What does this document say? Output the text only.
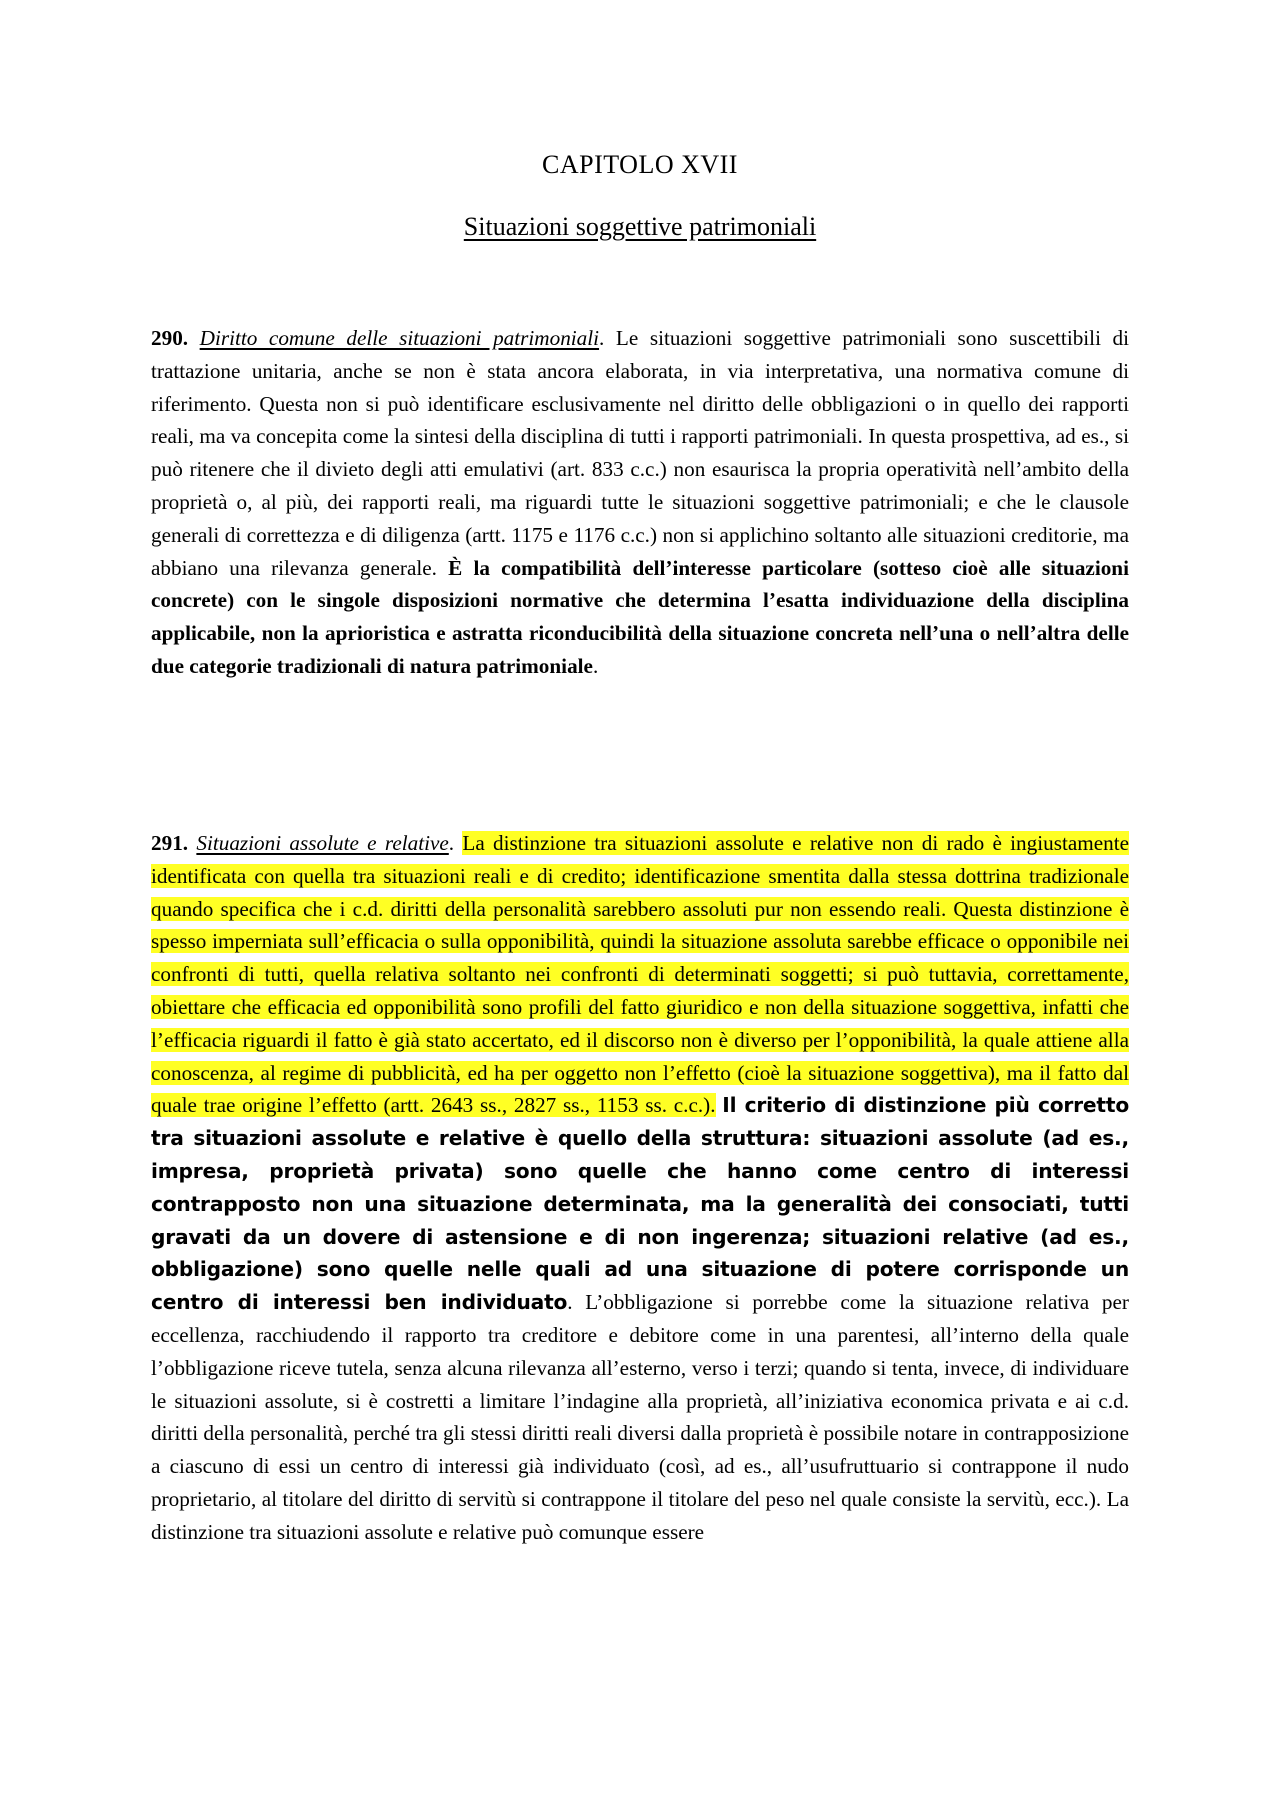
CAPITOLO XVII
Situazioni soggettive patrimoniali
290. Diritto comune delle situazioni patrimoniali. Le situazioni soggettive patrimoniali sono suscettibili di trattazione unitaria, anche se non è stata ancora elaborata, in via interpretativa, una normativa comune di riferimento. Questa non si può identificare esclusivamente nel diritto delle obbligazioni o in quello dei rapporti reali, ma va concepita come la sintesi della disciplina di tutti i rapporti patrimoniali. In questa prospettiva, ad es., si può ritenere che il divieto degli atti emulativi (art. 833 c.c.) non esaurisca la propria operatività nell’ambito della proprietà o, al più, dei rapporti reali, ma riguardi tutte le situazioni soggettive patrimoniali; e che le clausole generali di correttezza e di diligenza (artt. 1175 e 1176 c.c.) non si applichino soltanto alle situazioni creditorie, ma abbiano una rilevanza generale. È la compatibilità dell’interesse particolare (sotteso cioè alle situazioni concrete) con le singole disposizioni normative che determina l’esatta individuazione della disciplina applicabile, non la aprioristica e astratta riconducibilità della situazione concreta nell’una o nell’altra delle due categorie tradizionali di natura patrimoniale.
291. Situazioni assolute e relative. La distinzione tra situazioni assolute e relative non di rado è ingiustamente identificata con quella tra situazioni reali e di credito; identificazione smentita dalla stessa dottrina tradizionale quando specifica che i c.d. diritti della personalità sarebbero assoluti pur non essendo reali. Questa distinzione è spesso imperniata sull’efficacia o sulla opponibilità, quindi la situazione assoluta sarebbe efficace o opponibile nei confronti di tutti, quella relativa soltanto nei confronti di determinati soggetti; si può tuttavia, correttamente, obiettare che efficacia ed opponibilità sono profili del fatto giuridico e non della situazione soggettiva, infatti che l’efficacia riguardi il fatto è già stato accertato, ed il discorso non è diverso per l’opponibilità, la quale attiene alla conoscenza, al regime di pubblicità, ed ha per oggetto non l’effetto (cioè la situazione soggettiva), ma il fatto dal quale trae origine l’effetto (artt. 2643 ss., 2827 ss., 1153 ss. c.c.). Il criterio di distinzione più corretto tra situazioni assolute e relative è quello della struttura: situazioni assolute (ad es., impresa, proprietà privata) sono quelle che hanno come centro di interessi contrapposto non una situazione determinata, ma la generalità dei consociati, tutti gravati da un dovere di astensione e di non ingerenza; situazioni relative (ad es., obbligazione) sono quelle nelle quali ad una situazione di potere corrisponde un centro di interessi ben individuato. L’obbligazione si porrebbe come la situazione relativa per eccellenza, racchiudendo il rapporto tra creditore e debitore come in una parentesi, all’interno della quale l’obbligazione riceve tutela, senza alcuna rilevanza all’esterno, verso i terzi; quando si tenta, invece, di individuare le situazioni assolute, si è costretti a limitare l’indagine alla proprietà, all’iniziativa economica privata e ai c.d. diritti della personalità, perché tra gli stessi diritti reali diversi dalla proprietà è possibile notare in contrapposizione a ciascuno di essi un centro di interessi già individuato (così, ad es., all’usufruttuario si contrappone il nudo proprietario, al titolare del diritto di servitù si contrappone il titolare del peso nel quale consiste la servitù, ecc.). La distinzione tra situazioni assolute e relative può comunque essere
